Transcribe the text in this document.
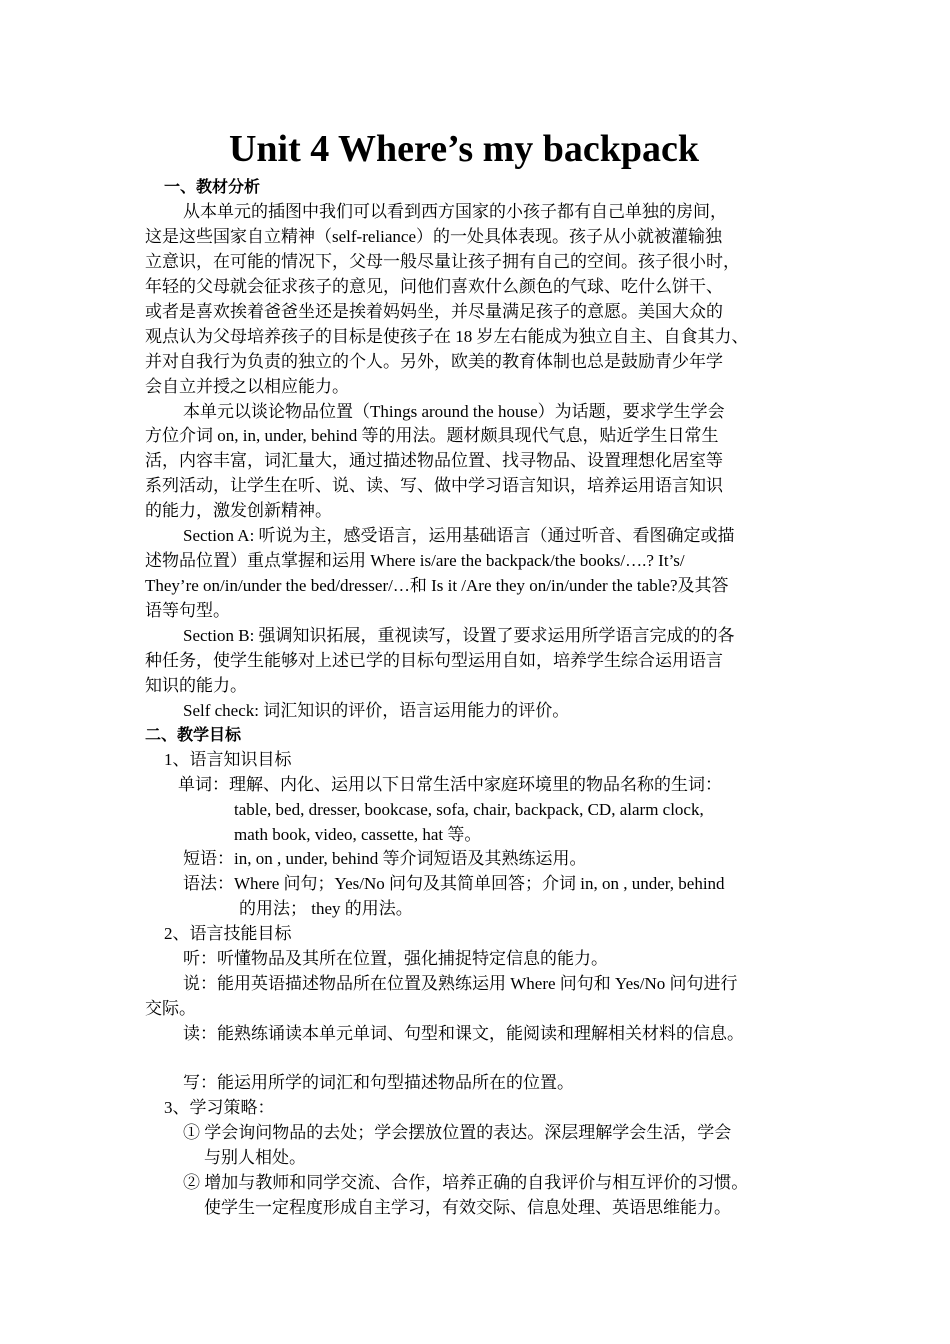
Unit 4 Where’s my backpack
一、教材分析
从本单元的插图中我们可以看到西方国家的小孩子都有自己单独的房间，
这是这些国家自立精神（self-reliance）的一处具体表现。孩子从小就被灌输独
立意识，在可能的情况下，父母一般尽量让孩子拥有自己的空间。孩子很小时，
年轻的父母就会征求孩子的意见，问他们喜欢什么颜色的气球、吃什么饼干、
或者是喜欢挨着爸爸坐还是挨着妈妈坐，并尽量满足孩子的意愿。美国大众的
观点认为父母培养孩子的目标是使孩子在 18 岁左右能成为独立自主、自食其力、
并对自我行为负责的独立的个人。另外，欧美的教育体制也总是鼓励青少年学
会自立并授之以相应能力。
本单元以谈论物品位置（Things around the house）为话题，要求学生学会
方位介词 on, in, under, behind 等的用法。题材颇具现代气息，贴近学生日常生
活，内容丰富，词汇量大，通过描述物品位置、找寻物品、设置理想化居室等
系列活动，让学生在听、说、读、写、做中学习语言知识，培养运用语言知识
的能力，激发创新精神。
Section A: 听说为主，感受语言，运用基础语言（通过听音、看图确定或描
述物品位置）重点掌握和运用 Where is/are the backpack/the books/….? It’s/
They’re on/in/under the bed/dresser/…和 Is it /Are they on/in/under the table?及其答
语等句型。
Section B: 强调知识拓展，重视读写，设置了要求运用所学语言完成的的各
种任务，使学生能够对上述已学的目标句型运用自如，培养学生综合运用语言
知识的能力。
Self check: 词汇知识的评价，语言运用能力的评价。
二、教学目标
1、语言知识目标
单词：理解、内化、运用以下日常生活中家庭环境里的物品名称的生词：
table, bed, dresser, bookcase, sofa, chair, backpack, CD, alarm clock,
math book, video, cassette, hat 等。
短语：in, on , under, behind 等介词短语及其熟练运用。
语法：Where 问句；Yes/No 问句及其简单回答；介词 in, on , under, behind
的用法； they 的用法。
2、语言技能目标
听：听懂物品及其所在位置，强化捕捉特定信息的能力。
说：能用英语描述物品所在位置及熟练运用 Where 问句和 Yes/No 问句进行
交际。
读：能熟练诵读本单元单词、句型和课文，能阅读和理解相关材料的信息。
写：能运用所学的词汇和句型描述物品所在的位置。
3、学习策略：
① 学会询问物品的去处；学会摆放位置的表达。深层理解学会生活，学会
与别人相处。
② 增加与教师和同学交流、合作，培养正确的自我评价与相互评价的习惯。
使学生一定程度形成自主学习，有效交际、信息处理、英语思维能力。
